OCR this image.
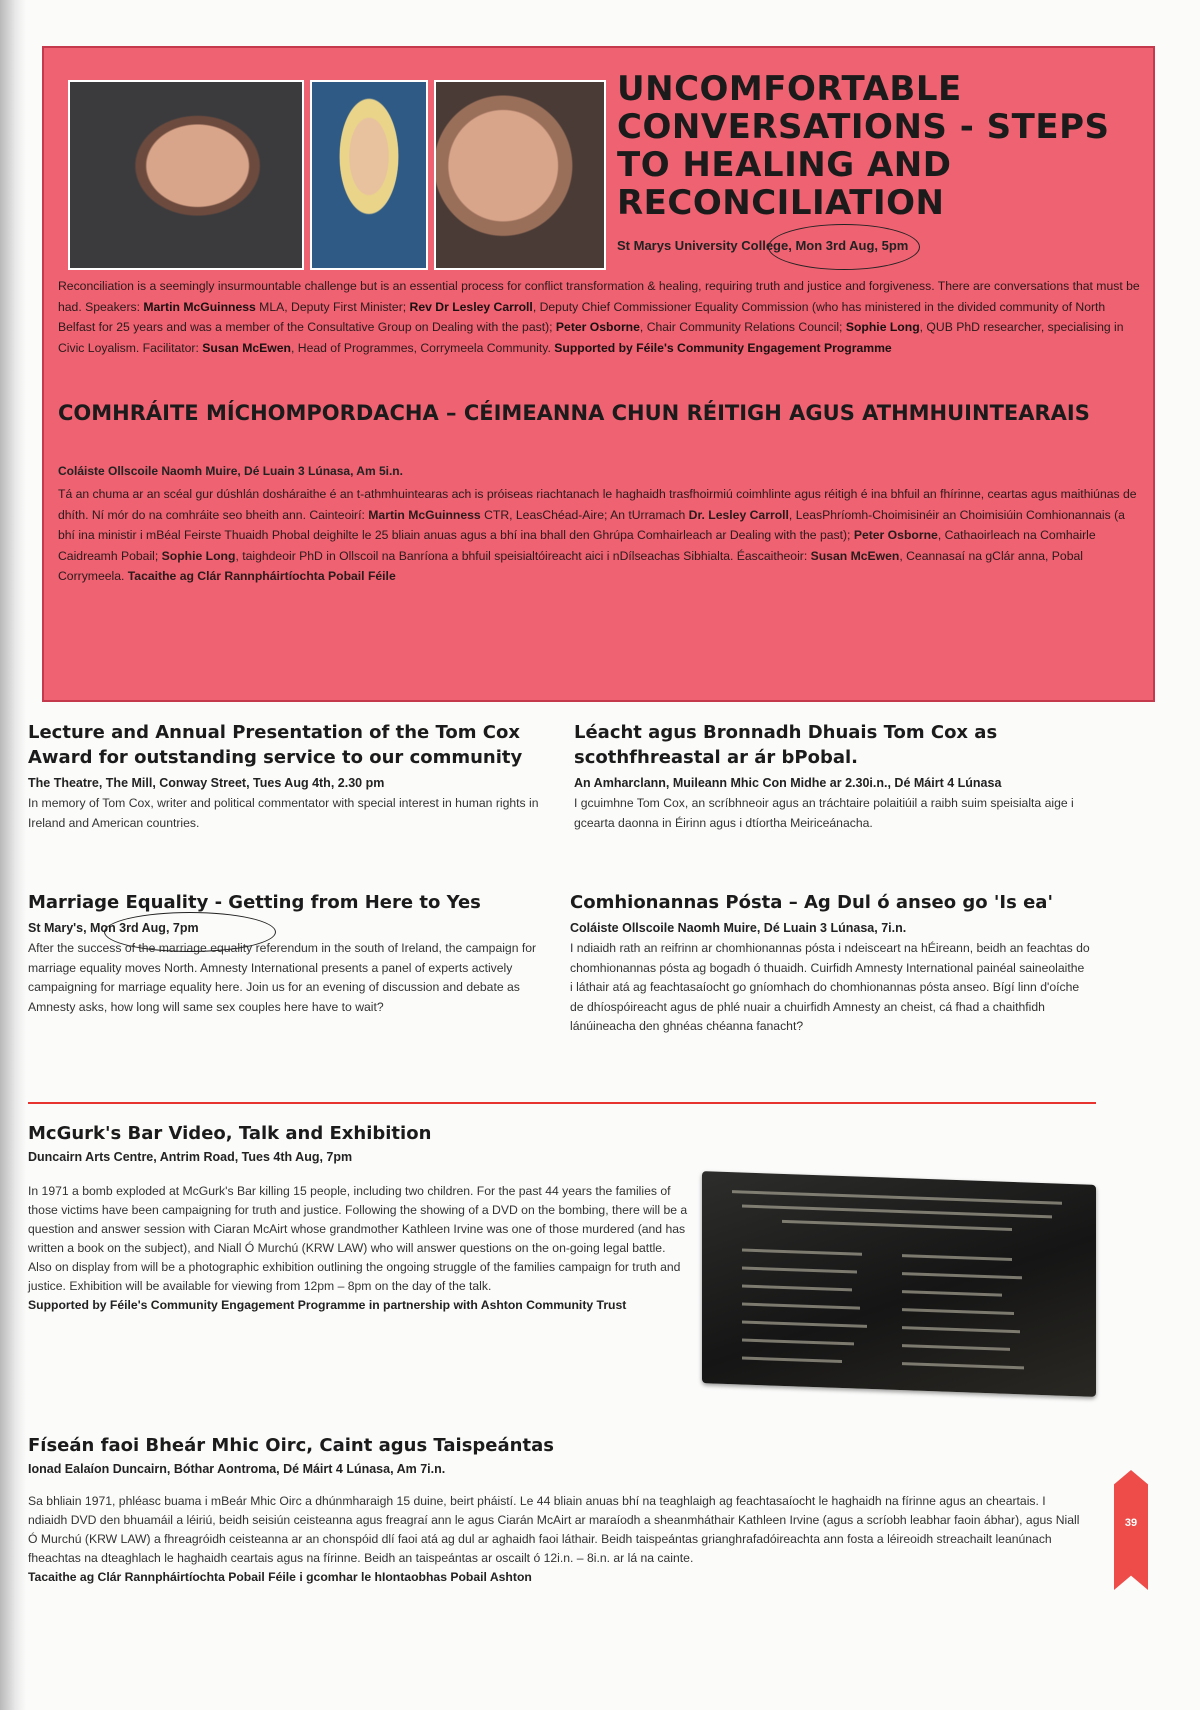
UNCOMFORTABLE CONVERSATIONS - STEPS TO HEALING AND RECONCILIATION
St Marys University College, Mon 3rd Aug, 5pm

Reconciliation is a seemingly insurmountable challenge but is an essential process for conflict transformation & healing, requiring truth and justice and forgiveness. There are conversations that must be had. Speakers: Martin McGuinness MLA, Deputy First Minister; Rev Dr Lesley Carroll, Deputy Chief Commissioner Equality Commission (who has ministered in the divided community of North Belfast for 25 years and was a member of the Consultative Group on Dealing with the past); Peter Osborne, Chair Community Relations Council; Sophie Long, QUB PhD researcher, specialising in Civic Loyalism. Facilitator: Susan McEwen, Head of Programmes, Corrymeela Community. Supported by Féile's Community Engagement Programme

COMHRÁITE MÍCHOMPORDACHA – CÉIMEANNA CHUN RÉITIGH AGUS ATHMHUINTEARAIS
Coláiste Ollscoile Naomh Muire, Dé Luain 3 Lúnasa, Am 5i.n.

Tá an chuma ar an scéal gur dúshlán dosháraithe é an t-athmhuintearas ach is próiseas riachtanach le haghaidh trasfhoirmiú coimhlinte agus réitigh é ina bhfuil an fhírinne, ceartas agus maithiúnas de dhíth. Ní mór do na comhráite seo bheith ann. Cainteoirí: Martin McGuinness CTR, LeasChéad-Aire; An tUrramach Dr. Lesley Carroll, LeasPhríomh-Choimisinéir an Choimisiúin Comhionannais (a bhí ina ministir i mBéal Feirste Thuaidh Phobal deighilte le 25 bliain anuas agus a bhí ina bhall den Ghrúpa Comhairleach ar Dealing with the past); Peter Osborne, Cathaoirleach na Comhairle Caidreamh Pobail; Sophie Long, taighdeoir PhD in Ollscoil na Banríona a bhfuil speisialtóireacht aici i nDílseachas Sibhialta. Éascaitheoir: Susan McEwen, Ceannasaí na gClár anna, Pobal Corrymeela. Tacaithe ag Clár Rannpháirtíochta Pobail Féile

Lecture and Annual Presentation of the Tom Cox Award for outstanding service to our community
The Theatre, The Mill, Conway Street, Tues Aug 4th, 2.30 pm

In memory of Tom Cox, writer and political commentator with special interest in human rights in Ireland and American countries.

Léacht agus Bronnadh Dhuais Tom Cox as scothfhreastal ar ár bPobal.
An Amharclann, Muileann Mhic Con Midhe ar 2.30i.n., Dé Máirt 4 Lúnasa

I gcuimhne Tom Cox, an scríbhneoir agus an tráchtaire polaitiúil a raibh suim speisialta aige i gcearta daonna in Éirinn agus i dtíortha Meiriceánacha.

Marriage Equality - Getting from Here to Yes
St Mary's, Mon 3rd Aug, 7pm

After the success of the marriage equality referendum in the south of Ireland, the campaign for marriage equality moves North. Amnesty International presents a panel of experts actively campaigning for marriage equality here. Join us for an evening of discussion and debate as Amnesty asks, how long will same sex couples here have to wait?

Comhionannas Pósta – Ag Dul ó anseo go 'Is ea'
Coláiste Ollscoile Naomh Muire, Dé Luain 3 Lúnasa, 7i.n.

I ndiaidh rath an reifrinn ar chomhionannas pósta i ndeisceart na hÉireann, beidh an feachtas do chomhionannas pósta ag bogadh ó thuaidh. Cuirfidh Amnesty International painéal saineolaithe i láthair atá ag feachtasaíocht go gníomhach do chomhionannas pósta anseo. Bígí linn d'oíche de dhíospóireacht agus de phlé nuair a chuirfidh Amnesty an cheist, cá fhad a chaithfidh lánúineacha den ghnéas chéanna fanacht?

McGurk's Bar Video, Talk and Exhibition
Duncairn Arts Centre, Antrim Road, Tues 4th Aug, 7pm

In 1971 a bomb exploded at McGurk's Bar killing 15 people, including two children. For the past 44 years the families of those victims have been campaigning for truth and justice. Following the showing of a DVD on the bombing, there will be a question and answer session with Ciaran McAirt whose grandmother Kathleen Irvine was one of those murdered (and has written a book on the subject), and Niall Ó Murchú (KRW LAW) who will answer questions on the on-going legal battle. Also on display from will be a photographic exhibition outlining the ongoing struggle of the families campaign for truth and justice. Exhibition will be available for viewing from 12pm – 8pm on the day of the talk.

Supported by Féile's Community Engagement Programme in partnership with Ashton Community Trust

Físeán faoi Bheár Mhic Oirc, Caint agus Taispeántas
Ionad Ealaíon Duncairn, Bóthar Aontroma, Dé Máirt 4 Lúnasa, Am 7i.n.

Sa bhliain 1971, phléasc buama i mBeár Mhic Oirc a dhúnmharaigh 15 duine, beirt pháistí. Le 44 bliain anuas bhí na teaghlaigh ag feachtasaíocht le haghaidh na fírinne agus an cheartais. I ndiaidh DVD den bhuamáil a léiriú, beidh seisiún ceisteanna agus freagraí ann le agus Ciarán McAirt ar maraíodh a sheanmháthair Kathleen Irvine (agus a scríobh leabhar faoin ábhar), agus Niall Ó Murchú (KRW LAW) a fhreagróidh ceisteanna ar an chonspóid dlí faoi atá ag dul ar aghaidh faoi láthair. Beidh taispeántas grianghrafadóireachta ann fosta a léireoidh streachailt leanúnach fheachtas na dteaghlach le haghaidh ceartais agus na fírinne. Beidh an taispeántas ar oscailt ó 12i.n. – 8i.n. ar lá na cainte.

Tacaithe ag Clár Rannpháirtíochta Pobail Féile i gcomhar le hIontaobhas Pobail Ashton

39
